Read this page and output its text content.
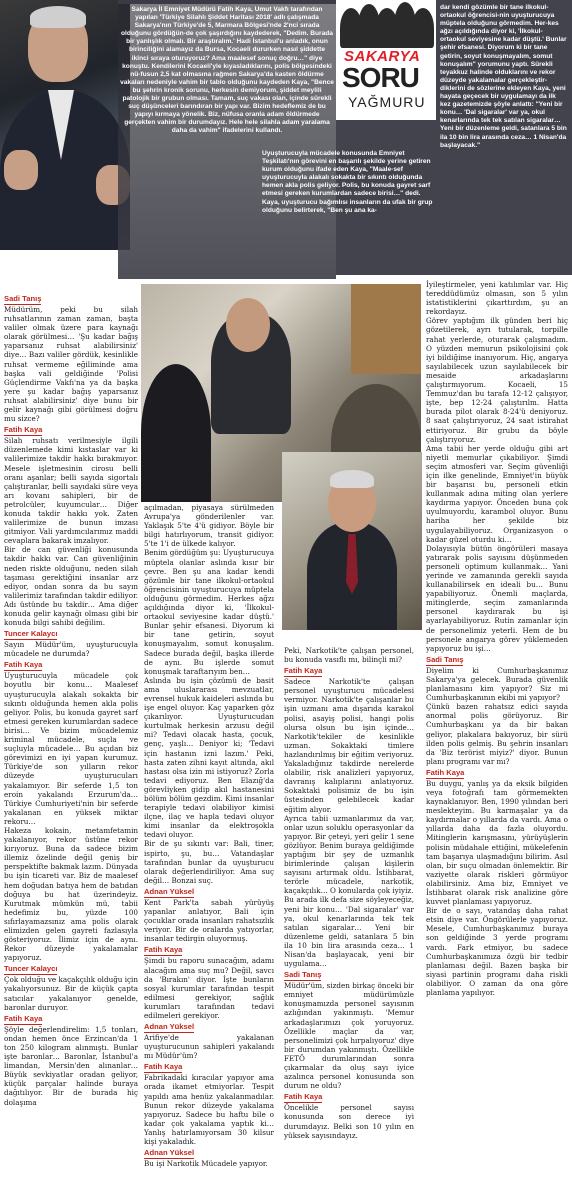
Sakarya İl Emniyet Müdürü Fatih Kaya, Umut Vakfı tarafından yapılan 'Türkiye Silahlı Şiddet Haritası 2018' adlı çalışmada Sakarya'nın Türkiye'de 5, Marmara Bölgesi'nde 2'nci sırada olduğunu gördüğün-de çok şaşırdığını kaydederek, "Dedim. Burada bir yanlışlık olmalı. Bir araştıralım.' Hadi İstanbul'u anladık, onun birinciliğini alamayız da Bursa, Kocaeli dururken nasıl şiddette ikinci sıraya oturuyoruz? Ama maalesef sonuç doğru…" diye konuştu. Kendilerini Kocaeli'yle kıyasladıklarını, polis bölgesindeki nü-fusun 2,5 kat olmasına rağmen Sakarya'da kasten öldürme vakaları nedeniyle vahim bir tablo olduğunu kaydeden Kaya, "Bence bu şehrin kronik sorunu, herkesin demiyorum, şiddet meylili patolojik bir grubun olması. Tamam, suç vakası olan, içinde sürekli suç düşünceleri barındıran bir yapı var. Bizim hedeflemiz de bu yapıyı kırmaya yönelik. Biz, nüfusa oranla adam öldürmede gerçekten vahim bir durumdayız. Hele hele silahla adam yaralama daha da vahim" ifadelerini kullandı.
SAKARYA
SORU
YAĞMURU
Uyuşturucuyla mücadele konusunda Emniyet Teşkilatı'nın görevini en başarılı şekilde yerine getiren kurum olduğunu ifade eden Kaya, "Maale-sef uyuşturucuyla alakalı sokakta bir sıkıntı olduğunda hemen akla polis geliyor. Polis, bu konuda gayret sarf etmesi gereken kurumlardan sadece birisi…" dedi. Kaya, uyuşturucu bağımlısı insanların da ufak bir grup olduğunu belirterek, "Ben şu ana ka-
dar kendi gözümle bir tane ilkokul-ortaokul öğrencisi-nin uyuşturucuya müptela olduğunu görmedim. Her-kes ağzı açıldığında diyor ki, 'İlkokul-ortaokul seviyesine kadar düştü.' Bunlar şehir efsanesi. Diyorum ki bir tane getirin, soyut konuşmayalım, somut konuşalım" yorumunu yaptı. Sürekli teyakkuz halinde olduklarını ve rekor düzeyde yakalamalar gerçekleştir-diklerini de sözlerine ekleyen Kaya, yeni hayata geçecek bir uygulamayı da ilk kez gazetemizde şöyle anlattı: "Yeni bir konu… 'Dal sigaralar' var ya, okul kenarlarında tek tek satılan sigaralar… Yeni bir düzenleme geldi, satanlara 5 bin ila 10 bin lira arasında ceza… 1 Nisan'da başlayacak."
Sadi Tanış

Müdürüm, peki bu silah ruhsatlarının zaman zaman, başta valiler olmak üzere para kaynağı olarak görülmesi… 'Şu kadar bağış yaparsanız ruhsat alabilirsiniz' diye… Bazı valiler gördük, kesinlikle ruhsat vermeme eğiliminde ama başka vali geldiğinde 'Polisi Güçlendirme Vakfı'na ya da başka yere şu kadar bağış yaparsanız ruhsat alabilirsiniz' diye bunu bir gelir kaynağı gibi görülmesi doğru mu sizce?

Fatih Kaya

Silah ruhsatı verilmesiyle ilgili düzenlemede kimi kıstaslar var ki valilerimize takdir hakkı bırakmıyor. Mesele işletmesinin cirosu belli oranı aşanlar; belli sayıda sigortalı çalıştıranlar, belli sayıdaki süre veya arı kovanı sahipleri, bir de petrolcüler, kuyumcular… Diğer konuda takdir hakkı yok. Zaten valilerimize de bunun imzası gitmiyor. Vali yardımcılarımız maddi cevaplara bakarak imzalıyor.

Bir de can güvenliği konusunda takdir hakkı var. Can güvenliğinin neden riskte olduğunu, neden silah taşıması gerektiğini insanlar arz ediyor, ondan sonra da bu sayın valilerimiz tarafından takdir ediliyor. Adı üstünde bu takdir… Ama diğer konuda gelir kaynağı olması gibi bir konuda bilgi sahibi değilim.

Tuncer Kalaycı

Sayın Müdür'üm, uyuşturucuyla mücadele ne durumda?

Fatih Kaya

Uyuşturucuyla mücadele çok boyutlu bir konu… Maalesef uyuşturucuyla alakalı sokakta bir sıkıntı olduğunda hemen akla polis geliyor. Polis, bu konuda gayret sarf etmesi gereken kurumlardan sadece birisi… Ve bizim mücadelemiz kriminal mücadele, suçla ve suçluyla mücadele… Bu açıdan biz görevimizi en iyi yapan kurumuz. Türkiye'de son yılların rekor düzeyde uyuşturucuları yakalamıyor. Bir seferde 1,5 ton eroin yakalandı Erzurum'da… Türkiye Cumhuriyeti'nin bir seferde yakalanan en yüksek miktar rekoru…

Hakeza kokain, metamfetamin yakalanıyor, rekor üstüne rekor kırıyoruz. Buna da sadece bizim illemiz özelinde değil geniş bir perspektifte bakmak lazım. Dünyada bu işin ticareti var. Biz de maalesef hem doğudan batıya hem de batıdan doğuya bu hat üzerindeyiz. Kurutmak mümkün mü, tabii hedefimiz bu, yüzde 100 sıfırlayamazsınız ama polis olarak elimizden gelen gayreti fazlasıyla gösteriyoruz. İlimiz için de aynı. Rekor düzeyde yakalamalar yapıyoruz.

Tuncer Kalaycı

Çok olduğu ve kaçakçılık olduğu için yakalıyorsunuz. Bir de küçük çapta satıcılar yakalanıyor genelde, baronlar duruyor.

Fatih Kaya

Şöyle değerlendirelim: 1,5 tonları, ondan hemen önce Erzincan'da 1 ton 250 kilogram alınmıştı. Bunlar işte baronlar… Baronlar, İstanbul'a limandan, Mersin'den alınanlar… Büyük sevkiyatlar oradan geliyor, küçük parçalar halinde buraya dağıtılıyor. Bir de burada hiç dolaşıma

açılmadan, piyasaya sürülmeden Avrupa'ya gönderilenler var. Yaklaşık 5'te 4'ü gidiyor. Böyle bir bilgi hatırlıyorum, transit gidiyor. 5'te 1'i de ülkede kalıyor.

Benim gördüğüm şu: Uyuşturucuya müptela olanlar aslında kısır bir çevre. Ben şu ana kadar kendi gözümle bir tane ilkokul-ortaokul öğrencisinin uyuşturucuya müptela olduğunu görmedim. Herkes ağzı açıldığında diyor ki, 'İlkokul-ortaokul seviyesine kadar düştü.' Bunlar şehir efsanesi. Diyorum ki bir tane getirin, soyut konuşmayalım, somut konuşalım. Sadece burada değil, başka illerde de aynı. Bu işlerde somut konuşmak taraftarıyım ben…

Aslında bu işin çözümü de basit ama uluslararası mevzuatlar, evrensel hukuk kaideleri aslında bu işe engel oluyor. Kaç yaparken göz çıkarılıyor. Uyuşturucudan kurtulmak herkesin arzusu değil mi? Tedavi olacak hasta, çocuk, genç, yaşlı… Deniyor ki; 'Tedavi için hastanın izni lazım.' Peki, hasta zaten zihni kayıt altında, akıl hastası olsa izin mi istiyoruz? Zorla tedavi ediyoruz. Ben Elazığ'da görevliyken gidip akıl hastanesini bölüm bölüm gezdim. Kimi insanlar terapiyle tedavi olabiliyor kimisi ilçne, ilaç ve hapla tedavi oluyor kimi insanlar da elektroşokla tedavi oluyor.

Bir de şu sıkıntı var: Bali, tiner, ispirto, şu, bu… Vatandaşlar tarafından bunlar da uyuşturucu olarak değerlendiriliyor. Ama suç değil… Bonzai suç.

Adnan Yüksel

Kent Park'ta sabah yürüyüş yapanlar anlatıyor, Bali için çocuklar orada insanları rahatsızlık veriyor. Bir de oralarda yatıyorlar, insanlar tedirgin oluyormuş.

Fatih Kaya

Şimdi bu raporu sunacağım, adamı alacağım ama suç mu? Değil, savcı da 'Bırakın' diyor. İşte bunların sosyal kurumlar tarafından tespit edilmesi gerekiyor, sağlık kurumları tarafından tedavi edilmeleri gerekiyor.

Adnan Yüksel

Arifiye'de yakalanan uyuşturucunun sahipleri yakalandı mı Müdür'üm?

Fatih Kaya

Fabrikadaki kıracılar yapıyor ama orada ikamet etmiyorlar. Tespit yapıldı ama henüz yakalanmadılar. Bunun rekor düzeyde yakalama yapıyoruz. Sadece bu haftu bile o kadar çok yakalama yaptık ki… Yanlış hatırlamıyorsam 30 kilsur kişi yakaladık.

Adnan Yüksel

Bu işi Narkotik Mücadele yapıyor.

Peki, Narkotik'te çalışan personel, bu konuda vasıflı mı, bilinçli mi?

Fatih Kaya

Sadece Narkotik'te çalışan personel uyuşturucu mücadelesi vermiyor. Narkotik'te çalışanlar bu işin uzmanı ama dışarıda karakol polisi, asayiş polisi, hangi polis olursa olsun bu işin içinde… Narkotik'tekiler de kesinlikle uzman. Sokaktaki timlere hazlandırılmış bir eğitim veriyoruz. Yakaladığınız takdirde nerelerde olabilir, risk analizleri yapıyoruz, davranış kalıplarını anlatıyoruz. Sokaktaki polisimiz de bu işin üstesinden gelebilecek kadar eğitim alıyor.

Ayrıca tabii uzmanlarımız da var, onlar uzun soluklu operasyonlar da yapıyor. Bir çeteyi, yeri gelir 1 sene gözlüyor. Benim buraya geldiğimde yaptığım bir şey de uzmanlık birimlerinde çalışan kişilerin sayısını artırmak oldu. İstihbarat, terörle mücadele, narkotik, kaçakçılık… O konularda çok iyiyiz.

Bu arada ilk defa size söyleyeceğiz, yeni bir konu… 'Dal sigaralar' var ya, okul kenarlarında tek tek satılan sigaralar… Yeni bir düzenleme geldi, satanlara 5 bin ila 10 bin lira arasında ceza… 1 Nisan'da başlayacak, yeni bir uygulama…

Sadi Tanış

Müdür'üm, sizden birkaç önceki bir emniyet müdürümüzle konuşmamızda personel sayısının azlığından yakınmıştı. 'Memur arkadaşlarımızı çok yoruyoruz. Özellikle maçlar da var, personelimizi çok hırpalıyoruz' diye bir durumdan yakınmıştı. Özellikle FETÖ durumlarından sonra çıkarmalar da oluş sayı iyice azalınca personel konusunda son durum ne oldu?

Fatih Kaya

Öncelikle personel sayısı konusunda son derece iyi durumdayız. Belki son 10 yılın en yüksek sayısındayız.

İyileştirmeler, yeni katılımlar var. Hiç tereddüdümüz olmasın, son 5 yılın istatistiklerini çıkarttırdım, şu an rekordayız.

Görev yaptığım ilk günden beri hiç gözetilerek, ayrı tutularak, torpille rahat yerlerde, oturarak çalışmadım. O yüzden memurun psikolojisini çok iyi bildiğime inanıyorum. Hiç, angarya sayılabilecek uzun sayılabilecek bir mesaide arkadaşlarını çalıştırmıyorum. Kocaeli, 15 Temmuz'dan bu tarafa 12-12 çalışıyor, işte, bep 12-24 çalıştırılm. Hatta burada pilot olarak 8-24'ü deniyoruz. 8 saat çalıştırıyoruz, 24 saat istirahat ettiriyoruz. Bir grubu da böyle çalıştırıyoruz.

Ama tabii her yerde olduğu gibi art niyetli memurlar çıkabiliyor. Şimdi seçim atmosferi var. Seçim güvenliği için ilke genelinde, Emniyet'in büyük bir başarısı bu, personeli etkin kullanmak adına miting olan yerlere kaydırma yapıyor. Önceden buna çok uyulmuyordu, karambol oluyor. Bunu hariha her şekilde biz uygulayabiliyoruz. Organizasyon o kadar güzel oturdu ki…

Dolayısıyla bütün öngörüleri masaya yatırarak polis sayısını düşünmeden personeli optimum kullanmak… Yani yerinde ve zamanında gerekli sayıda kullanabilirsek en ideali bu… Bunu yapabiliyoruz. Önemli maçlarda, mitinglerde, seçim zamanlarında personel kaydırarak bu işi ayarlayabiliyoruz. Rutin zamanlar için de personelimiz yeterli. Hem de bu personele angarya görev yüklemeden yapıyoruz bu işi…

Sadi Tanış

Diyelim ki Cumhurbaşkanımız Sakarya'ya gelecek. Burada güvenlik planlamasını kim yapıyor? Siz mi Cumhurbaşkanının ekibi mi yapıyor?

Çünkü bazen rahatsız edici sayıda anormal polis görüyoruz. Bir Cumhurbaşkanı ya da bir bakan geliyor, plakalara bakıyoruz, bir sürü ilden polis gelmiş. Bu şehrin insanları da 'Biz terörist miyiz?' diyor. Bunun planı programı var mı?

Fatih Kaya

Bu duygu, yanlış ya da eksik bilgiden veya fotoğrafı tam görmemekten kaynaklanıyor. Ben, 1990 yılından beri meslekteyim. Bu karmaşalar ya da kaydırmalar o yıllarda da vardı. Ama o yıllarda daha da fazla oluyordu. Mitinglerin karışmasını, yürüyüşlerin polisin müdahale ettiğini, mükelefenin tam başarıya ulaşmadığını bilirim. Asıl olan, bir suçu olmadan önlemektir. Bir vaziyette olarak riskleri görmüyor olabilirsiniz. Ama biz, Emniyet ve İstihbarat olarak risk analizine göre kuvvet planlaması yapıyoruz.

Bir de o sayı, vatandaş daha rahat etsin diye var. Öngörülerle yapıyoruz. Mesele, Cumhurbaşkanımız buraya son geldiğinde 3 yerde programı vardı. Fark etmiyor, bu sadece Cumhurbaşkanımıza özgü bir tedbir planlaması değil. Bazen başka bir siyasi partinin programı daha riskli olabiliyor. O zaman da ona göre planlama yapılıyor.
